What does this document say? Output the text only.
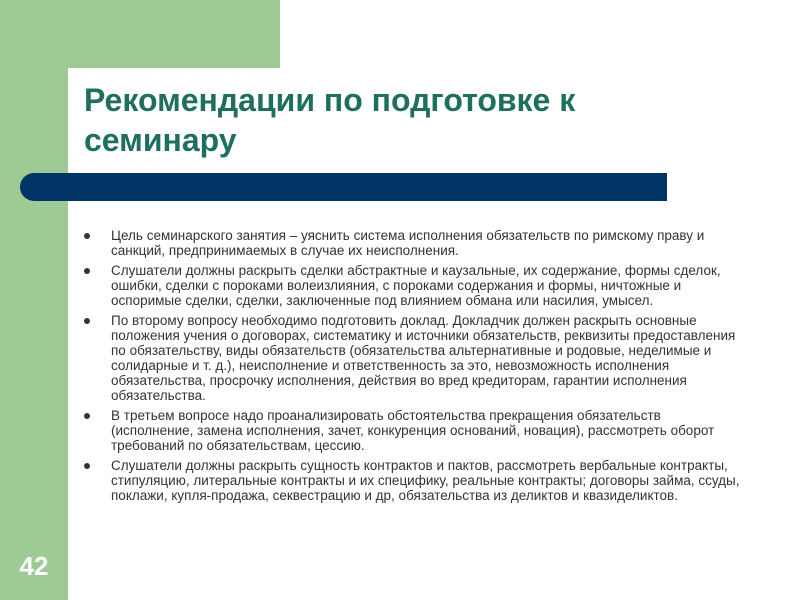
Рекомендации по подготовке к семинару
Цель семинарского занятия – уяснить система исполнения обязательств по римскому праву и санкций, предпринимаемых в случае их неисполнения.
Слушатели должны раскрыть сделки абстрактные и каузальные, их содержание, формы сделок, ошибки, сделки с пороками волеизлияния, с пороками содержания и формы, ничтожные и оспоримые сделки, сделки, заключенные под влиянием обмана или насилия, умысел.
По второму вопросу необходимо подготовить доклад. Докладчик должен раскрыть основные положения учения о договорах, систематику и источники обязательств, реквизиты предоставления по обязательству, виды обязательств (обязательства альтернативные и родовые, неделимые и солидарные и т. д.), неисполнение и ответственность за это, невозможность исполнения обязательства, просрочку исполнения, действия во вред кредиторам, гарантии исполнения обязательства.
В третьем вопросе надо проанализировать обстоятельства прекращения обязательств (исполнение, замена исполнения, зачет, конкуренция оснований, новация), рассмотреть оборот требований по обязательствам, цессию.
Слушатели должны раскрыть сущность контрактов и пактов, рассмотреть вербальные контракты, стипуляцию, литеральные контракты и их специфику, реальные контракты; договоры займа, ссуды, поклажи, купля-продажа, секвестрацию и др, обязательства из деликтов и квазиделиктов.
42
